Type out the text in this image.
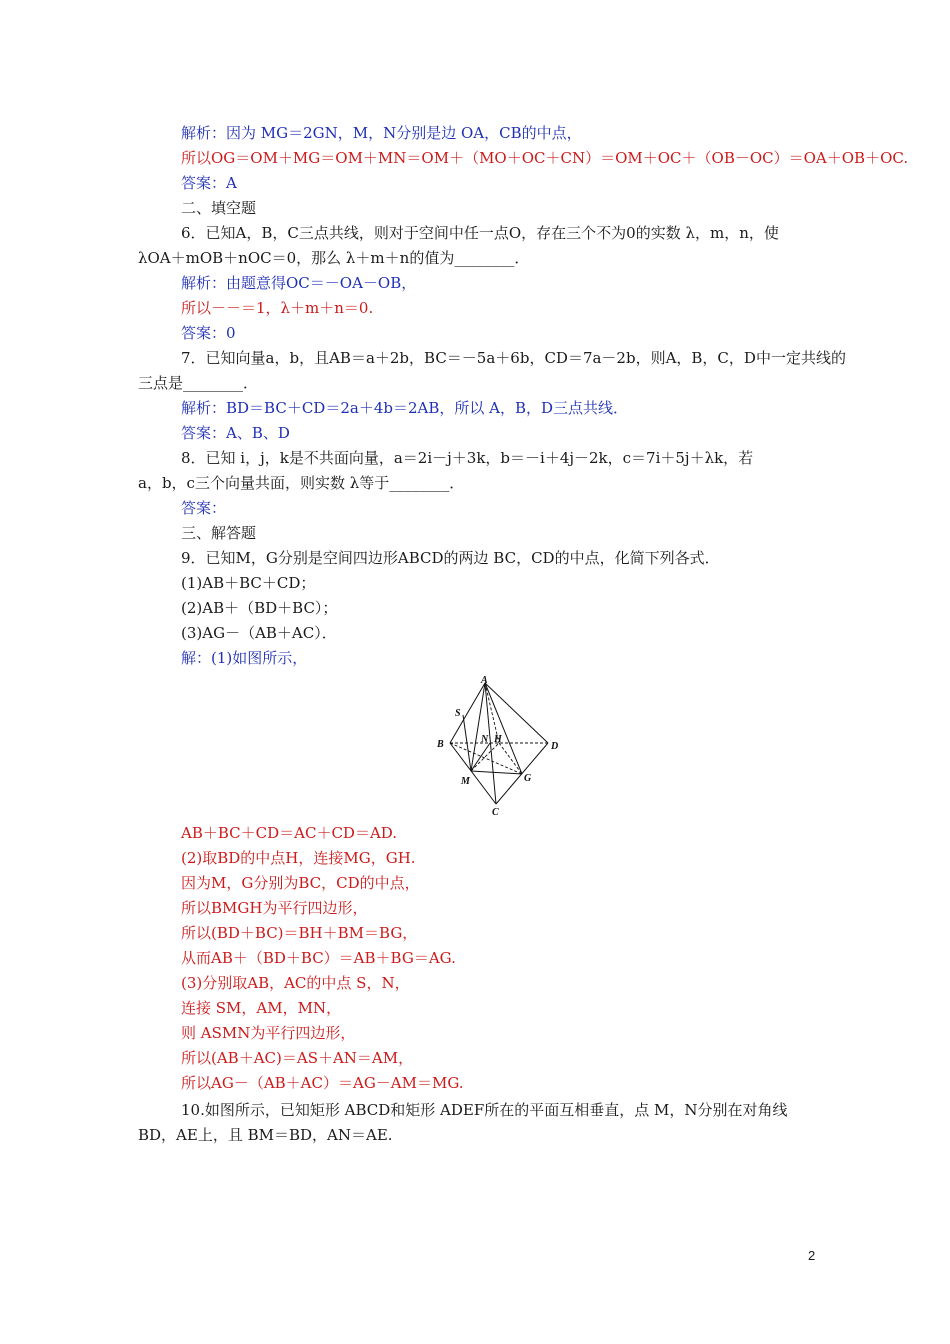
解析：因为 MG＝2GN，M，N分别是边 OA，CB的中点，
所以OG＝OM＋MG＝OM＋MN＝OM＋（MO＋OC＋CN）＝OM＋OC＋（OB－OC）＝OA＋OB＋OC.
答案：A
二、填空题
6．已知A，B，C三点共线，则对于空间中任一点O，存在三个不为0的实数 λ，m，n，使
λOA＋mOB＋nOC＝0，那么 λ＋m＋n的值为________．
解析：由题意得OC＝－OA－OB，
所以－－＝1，λ＋m＋n＝0.
答案：0
7．已知向量a，b，且AB＝a＋2b，BC＝－5a＋6b，CD＝7a－2b，则A，B，C，D中一定共线的
三点是________．
解析：BD＝BC＋CD＝2a＋4b＝2AB，所以 A，B，D三点共线．
答案：A、B、D
8．已知 i，j，k是不共面向量，a＝2i－j＋3k，b＝－i＋4j－2k，c＝7i＋5j＋λk，若
a，b，c三个向量共面，则实数 λ等于________．
答案：
三、解答题
9．已知M，G分别是空间四边形ABCD的两边 BC，CD的中点，化简下列各式．
(1)AB＋BC＋CD；
(2)AB＋（BD＋BC）；
(3)AG－（AB＋AC）．
解：(1)如图所示，
AB＋BC＋CD＝AC＋CD＝AD.
(2)取BD的中点H，连接MG，GH.
因为M，G分别为BC，CD的中点，
所以BMGH为平行四边形，
所以(BD＋BC)＝BH＋BM＝BG，
从而AB＋（BD＋BC）＝AB＋BG＝AG.
(3)分别取AB，AC的中点 S，N，
连接 SM，AM，MN，
则 ASMN为平行四边形，
所以(AB＋AC)＝AS＋AN＝AM，
所以AG－（AB＋AC）＝AG－AM＝MG.
10.如图所示，已知矩形 ABCD和矩形 ADEF所在的平面互相垂直，点 M，N分别在对角线
BD，AE上，且 BM＝BD，AN＝AE.
A
S
B	N H
D
M	G
C
2
